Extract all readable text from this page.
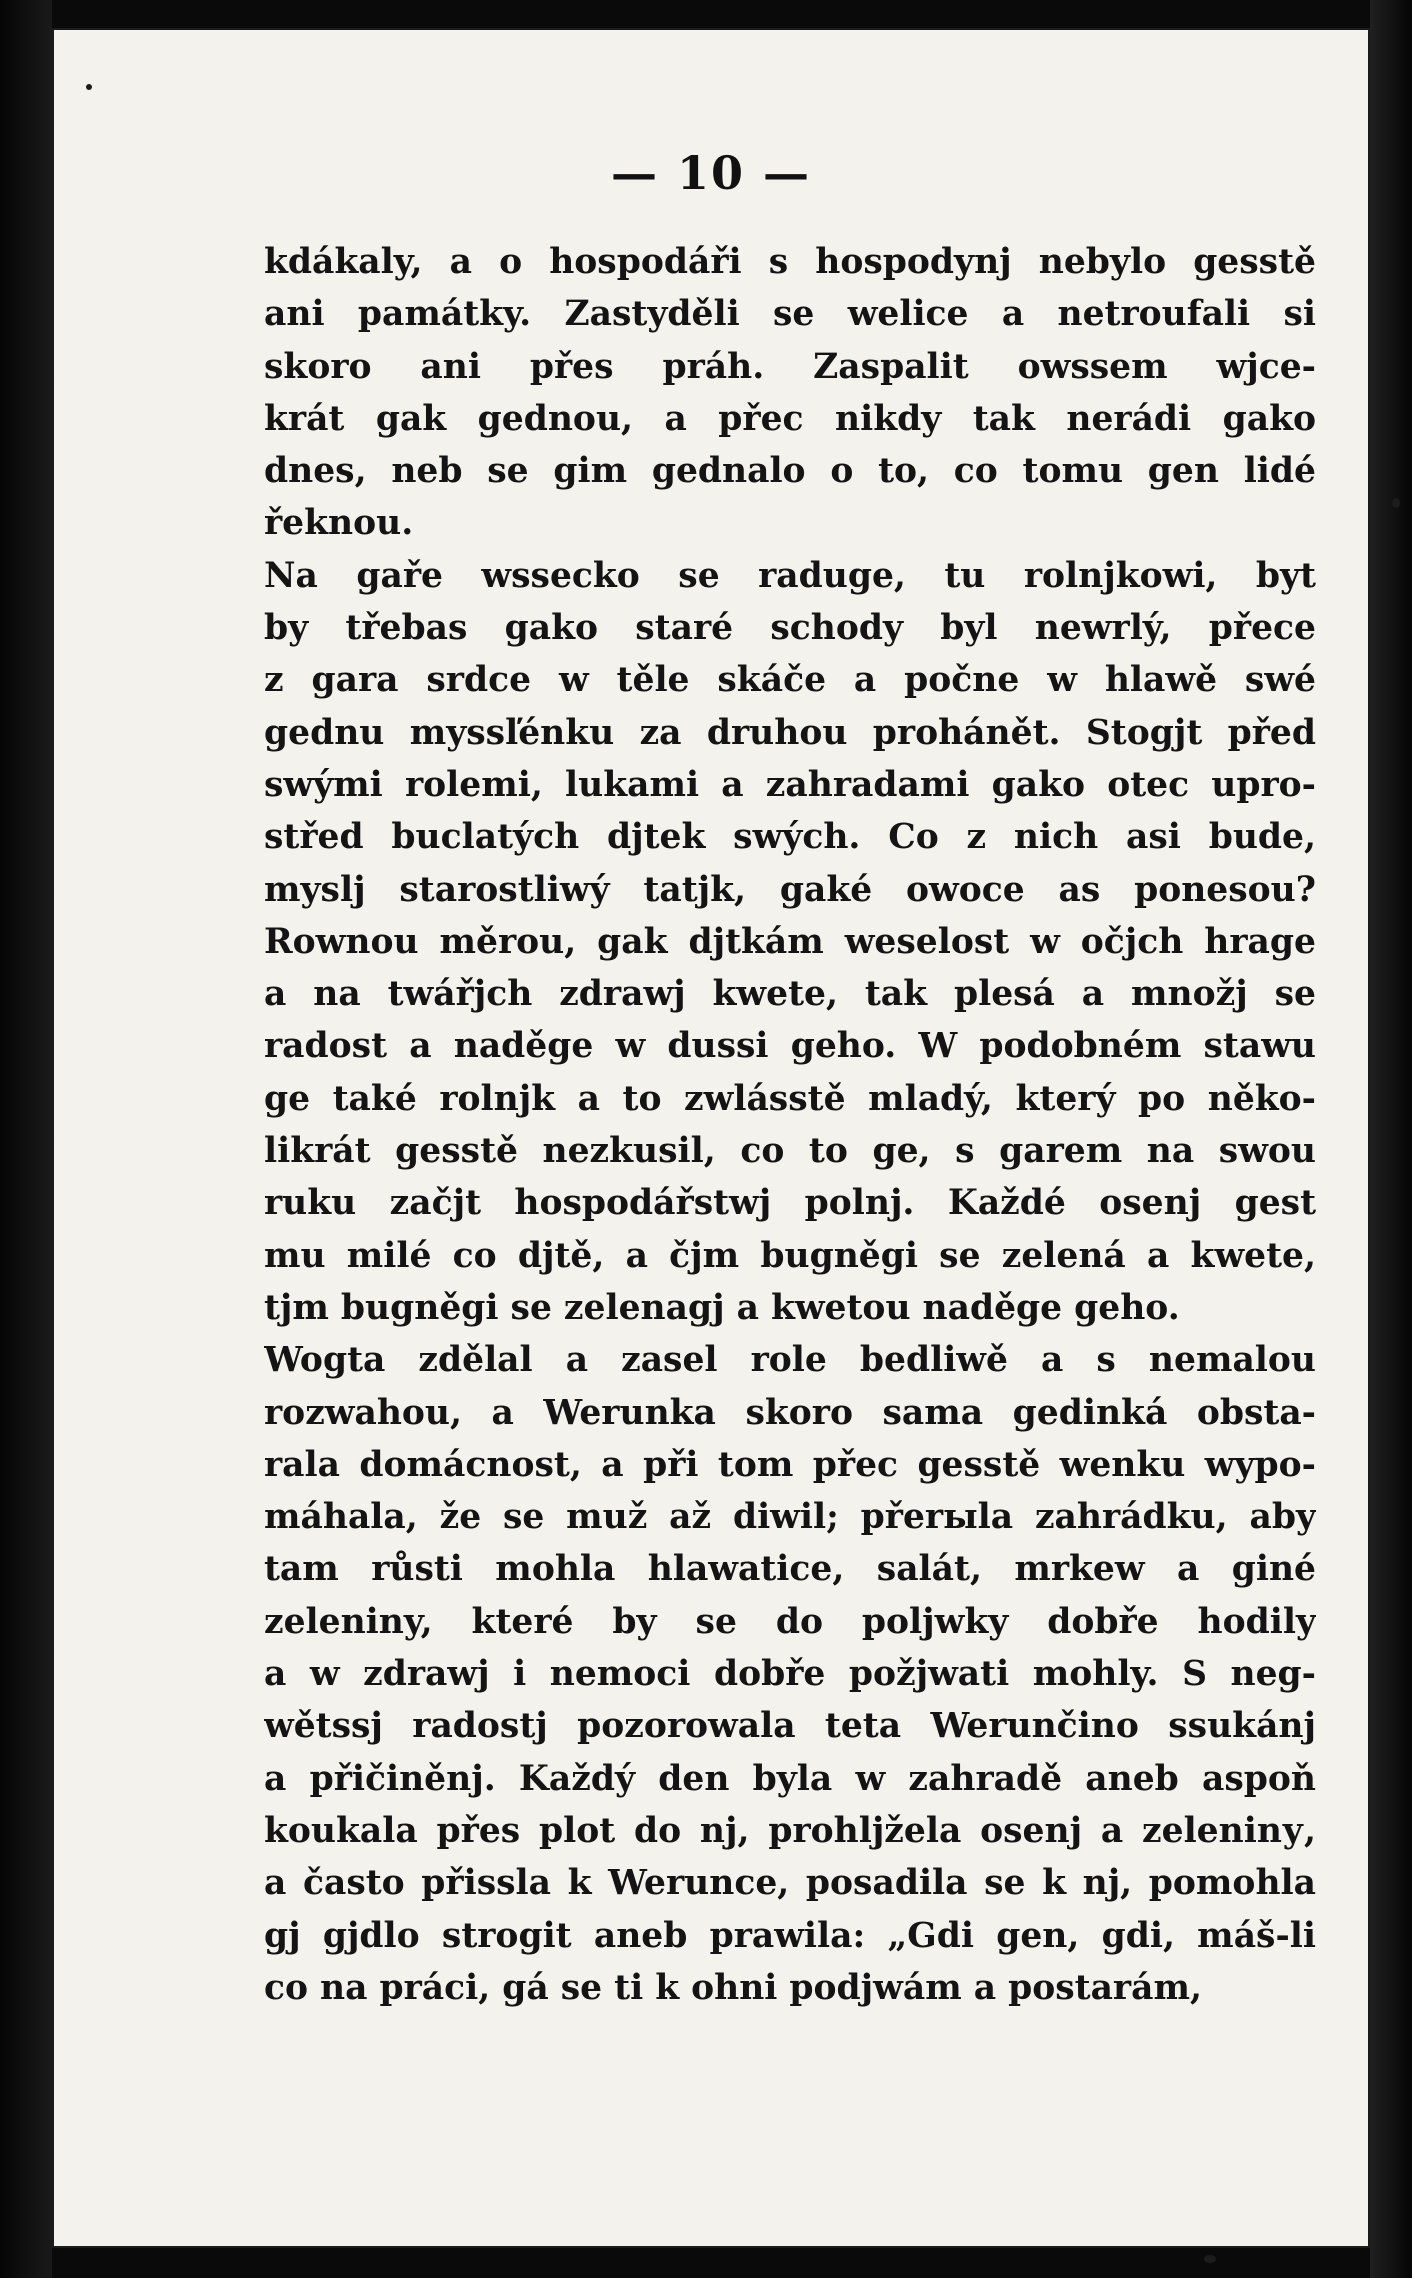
— 10 —
kdákaly, a o hospodáři s hospodynj nebylo gesstě
ani památky. Zastyděli se welice a netroufali si
skoro ani přes práh. Zaspalit owssem wjce-
krát gak gednou, a přec nikdy tak nerádi gako
dnes, neb se gim gednalo o to, co tomu gen lidé
řeknou.
Na gaře wsseckо se raduge, tu rolnjkowi, byt
by třebas gako staré schody byl newrlý, přece
z gara srdce w těle skáče a počne w hlawě swé
gednu myssľénku za druhou prohánět. Stogjt před
swými rolemi, lukami a zahradami gako otec upro-
střed buclatých djtek swých. Co z nich asi bude,
myslj starostliwý tatjk, gaké owoce as ponesou?
Rownou měrou, gak djtkám weselost w očjch hrage
a na twářjch zdrawj kwete, tak plesá a množj se
radost a naděge w dussi geho. W podobném stawu
ge také rolnjk a to zwlásstě mladý, který po něko-
likrát gesstě nezkusil, co to ge, s garem na swou
ruku začjt hospodářstwj polnj. Každé osenj gest
mu milé co djtě, a čjm bugněgi se zelená a kwete,
tjm bugněgi se zelenagj a kwetou naděge geho.
Wogta zdělal a zasel role bedliwě a s nemalou
rozwahou, a Werunka skoro sama gedinká obsta-
rala domácnost, a při tom přec gesstě wenku wypo-
máhala, že se muž až diwil; přerыla zahrádku, aby
tam růsti mohla hlawatice, salát, mrkew a giné
zeleniny, které by se do poljwky dobře hodily
a w zdrawj i nemoci dobře požjwati mohly. S neg-
wětssj radostj pozorowala teta Werunčino ssukánj
a přičiněnj. Každý den byla w zahradě aneb aspoň
koukala přes plot do nj, prohljžela osenj a zeleninу,
a často přissla k Werunce, posadila se k nj, pomohla
gj gjdlo strogit aneb prawila: „Gdi gen, gdi, máš-li
co na práci, gá se ti k ohni podjwám a postarám,
